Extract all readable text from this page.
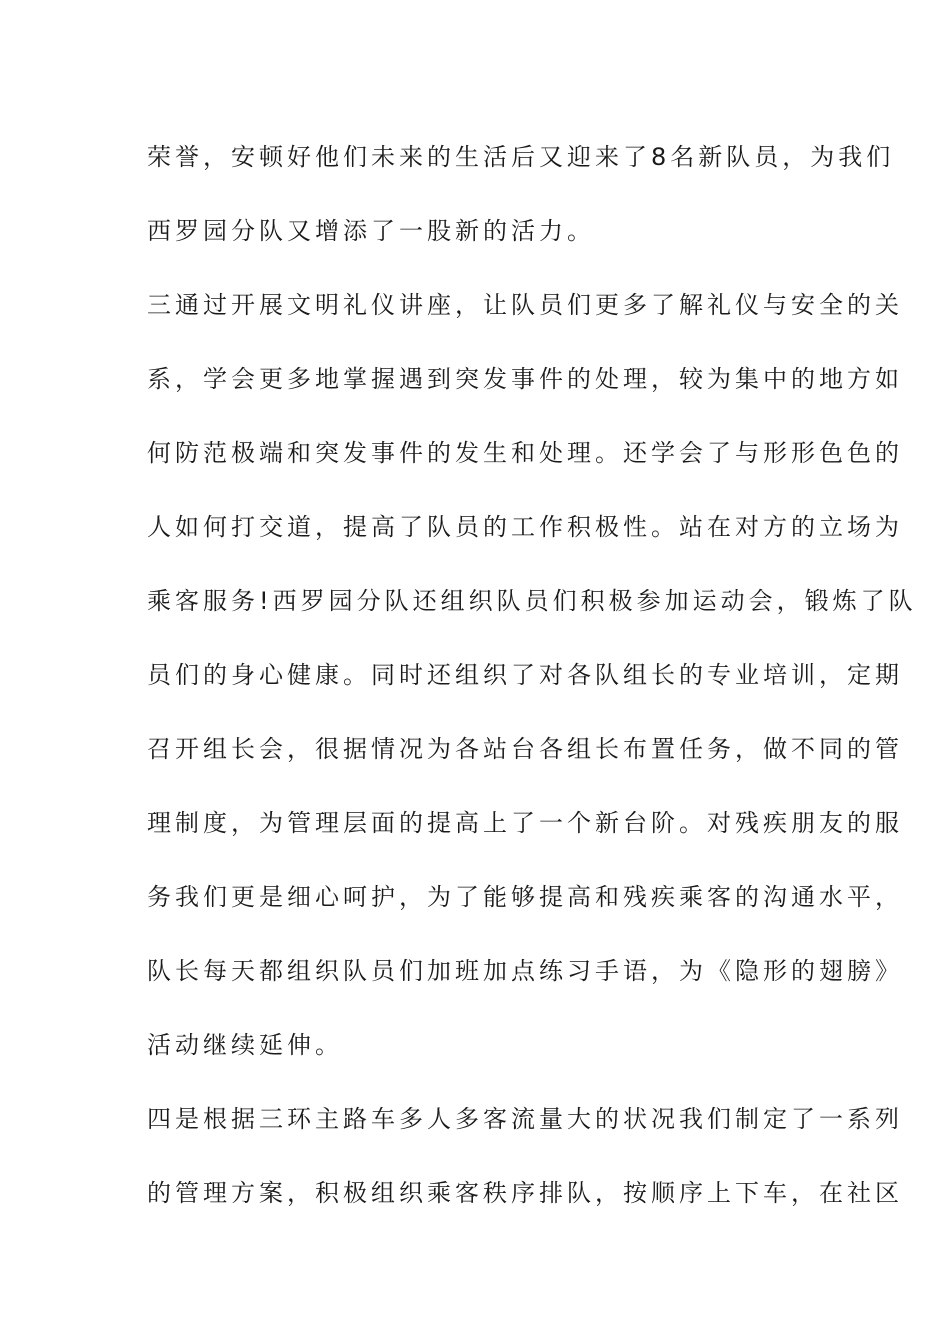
荣誉，安顿好他们未来的生活后又迎来了8名新队员，为我们
西罗园分队又增添了一股新的活力。
三通过开展文明礼仪讲座，让队员们更多了解礼仪与安全的关
系，学会更多地掌握遇到突发事件的处理，较为集中的地方如
何防范极端和突发事件的发生和处理。还学会了与形形色色的
人如何打交道，提高了队员的工作积极性。站在对方的立场为
乘客服务!西罗园分队还组织队员们积极参加运动会，锻炼了队
员们的身心健康。同时还组织了对各队组长的专业培训，定期
召开组长会，很据情况为各站台各组长布置任务，做不同的管
理制度，为管理层面的提高上了一个新台阶。对残疾朋友的服
务我们更是细心呵护，为了能够提高和残疾乘客的沟通水平，
队长每天都组织队员们加班加点练习手语，为《隐形的翅膀》
活动继续延伸。
四是根据三环主路车多人多客流量大的状况我们制定了一系列
的管理方案，积极组织乘客秩序排队，按顺序上下车，在社区
